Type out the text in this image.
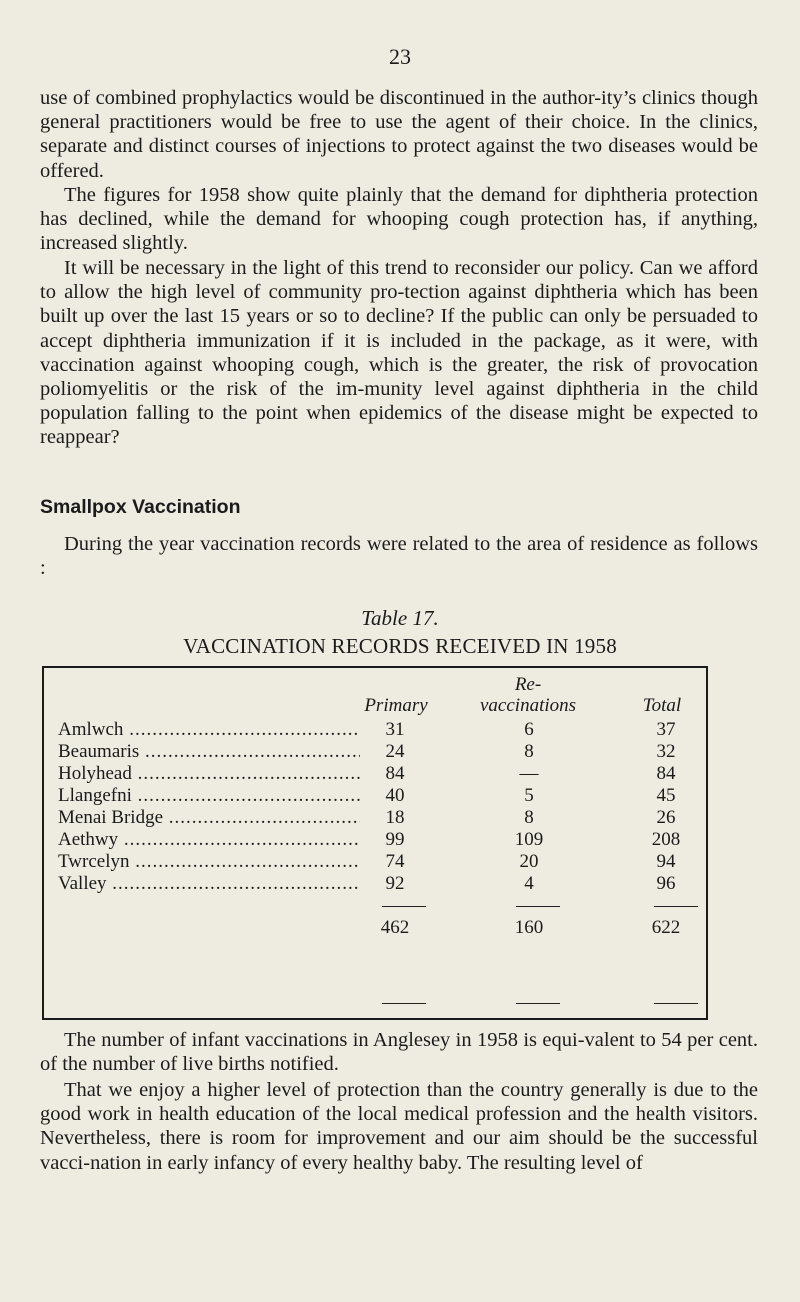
23

use of combined prophylactics would be discontinued in the author-ity’s clinics though general practitioners would be free to use the agent of their choice. In the clinics, separate and distinct courses of injections to protect against the two diseases would be offered.

The figures for 1958 show quite plainly that the demand for diphtheria protection has declined, while the demand for whooping cough protection has, if anything, increased slightly.

It will be necessary in the light of this trend to reconsider our policy. Can we afford to allow the high level of community pro-tection against diphtheria which has been built up over the last 15 years or so to decline? If the public can only be persuaded to accept diphtheria immunization if it is included in the package, as it were, with vaccination against whooping cough, which is the greater, the risk of provocation poliomyelitis or the risk of the im-munity level against diphtheria in the child population falling to the point when epidemics of the disease might be expected to reappear?

Smallpox Vaccination

During the year vaccination records were related to the area of residence as follows :

Table 17.
VACCINATION RECORDS RECEIVED IN 1958
Re-
Primary	vaccinations	Total
Amlwch .....	31	6	37
Beaumaris .....	24	8	32
Holyhead .....	84	—	84
Llangefni .....	40	5	45
Menai Bridge .....	18	8	26
Aethwy .....	99	109	208
Twrcelyn .....	74	20	94
Valley .....	92	4	96
462	160	622

The number of infant vaccinations in Anglesey in 1958 is equi-valent to 54 per cent. of the number of live births notified.

That we enjoy a higher level of protection than the country generally is due to the good work in health education of the local medical profession and the health visitors. Nevertheless, there is room for improvement and our aim should be the successful vacci-nation in early infancy of every healthy baby. The resulting level of
